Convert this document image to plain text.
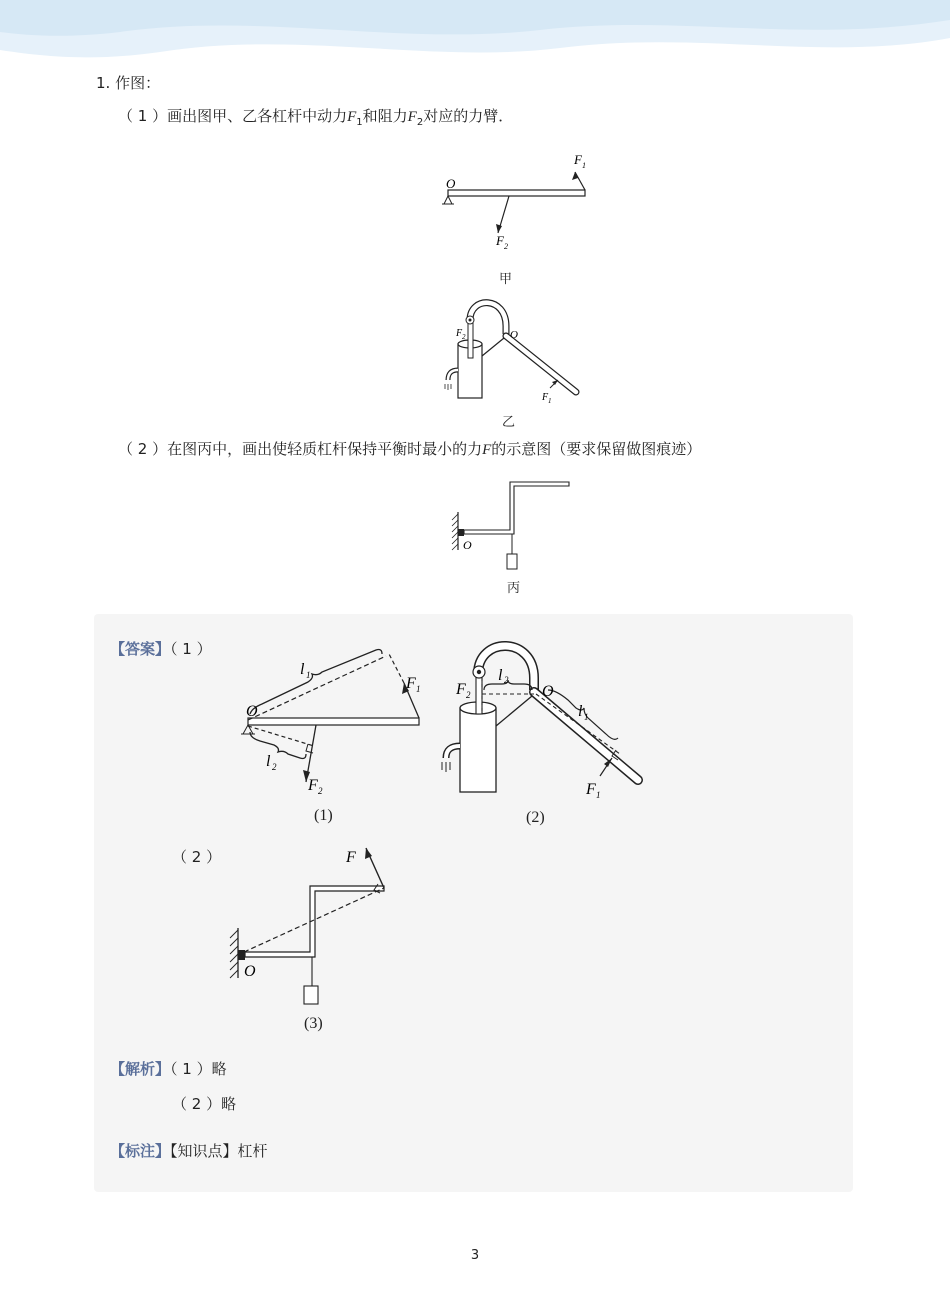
1. 作图：
（ 1 ）画出图甲、乙各杠杆中动力$F_1$和阻力$F_2$对应的力臂．
O
F 1
F 2
甲
O
F 2
F 1
乙
（ 2 ）在图丙中，画出使轻质杠杆保持平衡时最小的力F的示意图（要求保留做图痕迹）
O
丙
【答案】（ 1 ）
O
l 1	F 1
l 2
F 2
(1)
F 2
l 2
O
l 1
F 1
(2)
（ 2 ）
O
F
(3)
【解析】（ 1 ）略
（ 2 ）略
【标注】【知识点】杠杆
3
